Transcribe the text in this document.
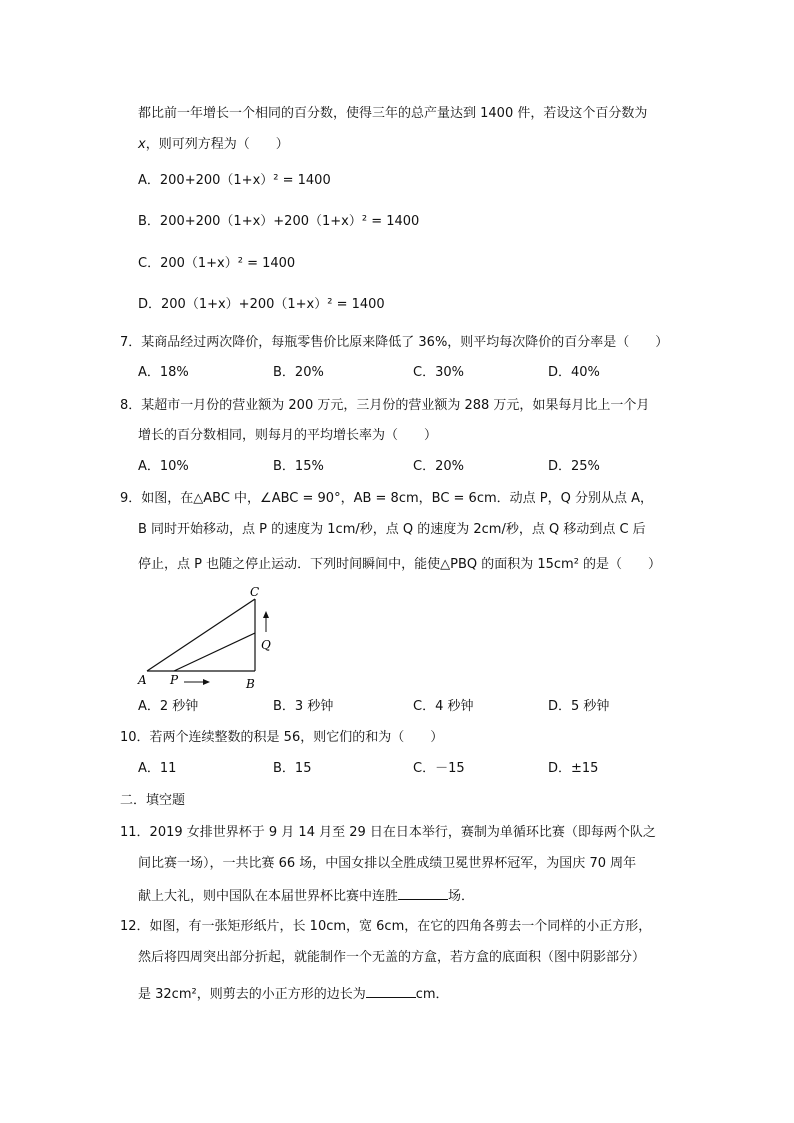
都比前一年增长一个相同的百分数，使得三年的总产量达到 1400 件，若设这个百分数为
x，则可列方程为（　　）
A．200+200（1+x）² = 1400
B．200+200（1+x）+200（1+x）² = 1400
C．200（1+x）² = 1400
D．200（1+x）+200（1+x）² = 1400
7．某商品经过两次降价，每瓶零售价比原来降低了 36%，则平均每次降价的百分率是（　　）
A．18%	B．20%	C．30%	D．40%
8．某超市一月份的营业额为 200 万元，三月份的营业额为 288 万元，如果每月比上一个月
增长的百分数相同，则每月的平均增长率为（　　）
A．10%	B．15%	C．20%	D．25%
9．如图，在△ABC 中，∠ABC = 90°，AB = 8cm，BC = 6cm．动点 P，Q 分别从点 A，
B 同时开始移动，点 P 的速度为 1cm/秒，点 Q 的速度为 2cm/秒，点 Q 移动到点 C 后
停止，点 P 也随之停止运动．下列时间瞬间中，能使△PBQ 的面积为 15cm² 的是（　　）
C
Q
A P	B
A．2 秒钟	B．3 秒钟	C．4 秒钟	D．5 秒钟
10．若两个连续整数的积是 56，则它们的和为（　　）
A．11	B．15	C．－15	D．±15
二．填空题
11．2019 女排世界杯于 9 月 14 月至 29 日在日本举行，赛制为单循环比赛（即每两个队之
间比赛一场），一共比赛 66 场，中国女排以全胜成绩卫冕世界杯冠军，为国庆 70 周年
献上大礼，则中国队在本届世界杯比赛中连胜	场．
12．如图，有一张矩形纸片，长 10cm，宽 6cm，在它的四角各剪去一个同样的小正方形，
然后将四周突出部分折起，就能制作一个无盖的方盒，若方盒的底面积（图中阴影部分）
是 32cm²，则剪去的小正方形的边长为	cm．
